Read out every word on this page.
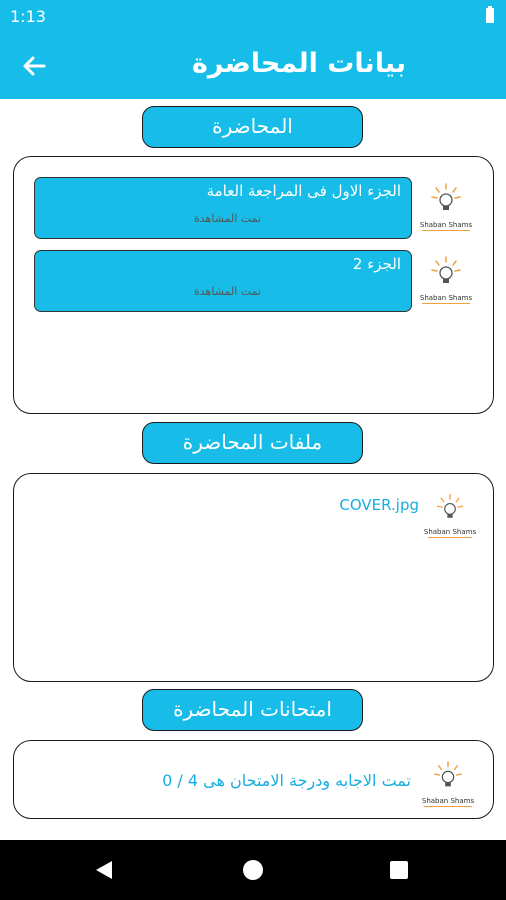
1:13
بيانات المحاضرة
المحاضرة
الجزء الاول فى المراجعة العامة
تمت المشاهدة	Shaban Shams
الجزء 2
تمت المشاهدة	Shaban Shams
ملفات المحاضرة
COVER.jpg
Shaban Shams
امتحانات المحاضرة
تمت الاجابه ودرجة الامتحان هى 4 / 0
Shaban Shams
